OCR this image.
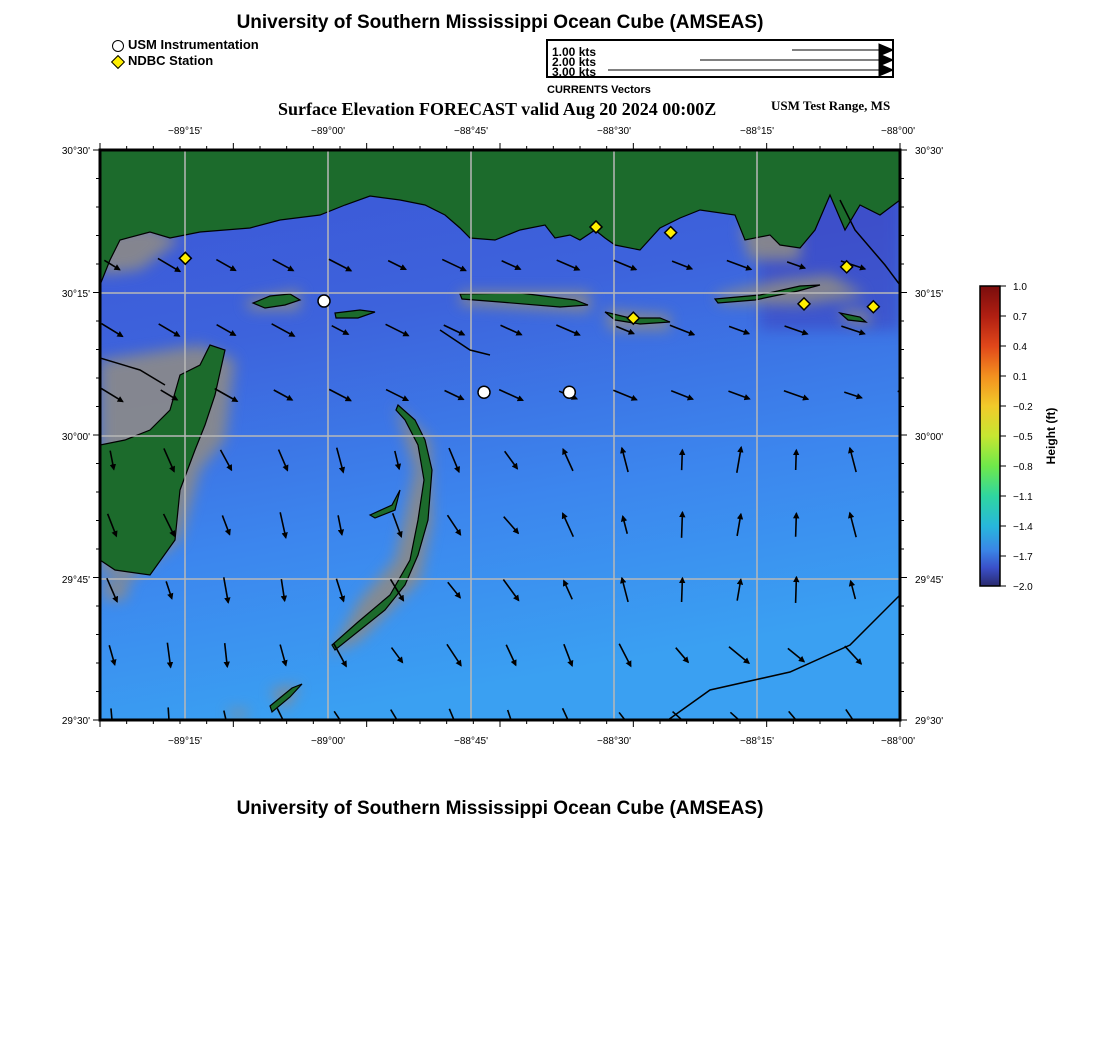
University of Southern Mississippi Ocean Cube (AMSEAS)
USM Instrumentation
NDBC Station
1.00 kts
2.00 kts
3.00 kts
CURRENTS Vectors
Surface Elevation FORECAST valid Aug 20 2024 00:00Z	USM Test Range, MS
−89°15'	−89°00'	−88°45'	−88°30'	−88°15'	−88°00'
−89°15'	−89°00'	−88°45'	−88°30'	−88°15'	−88°00'
30°30'
30°15'
30°00'
29°45'
29°30'
30°30'
30°15'
30°00'
29°45'
29°30'
1.0
0.7
0.4
0.1
−0.2
−0.5
−0.8
−1.1
−1.4
−1.7
−2.0
Height (ft)
University of Southern Mississippi Ocean Cube (AMSEAS)
